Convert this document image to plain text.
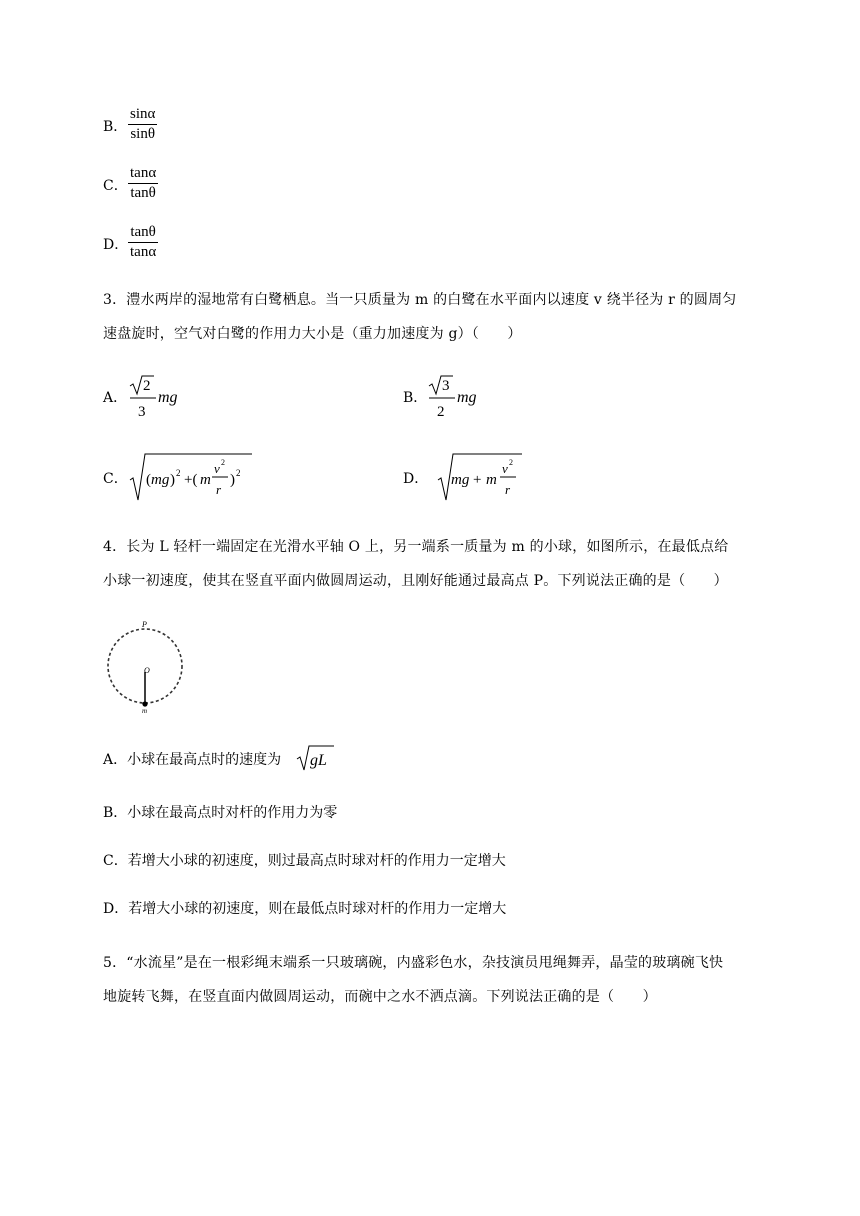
B．
sinα
sinθ
C．
tanα
tanθ
D．
tanθ
tanα
3．澧水两岸的湿地常有白鹭栖息。当一只质量为 m 的白鹭在水平面内以速度 v 绕半径为 r 的圆周匀
速盘旋时，空气对白鹭的作用力大小是（重力加速度为 g）（　　）
A．
2
3
mg	B．
3
2
mg
C． ( mg ) 2 +( m
v 2
r
) 2	D． mg + m
v 2
r
4．长为 L 轻杆一端固定在光滑水平轴 O 上，另一端系一质量为 m 的小球，如图所示，在最低点给
小球一初速度，使其在竖直平面内做圆周运动，且刚好能通过最高点 P。下列说法正确的是（　　）
P
O
m
A．小球在最高点时的速度为 gL
B．小球在最高点时对杆的作用力为零
C．若增大小球的初速度，则过最高点时球对杆的作用力一定增大
D．若增大小球的初速度，则在最低点时球对杆的作用力一定增大
5．“水流星”是在一根彩绳末端系一只玻璃碗，内盛彩色水，杂技演员甩绳舞弄，晶莹的玻璃碗飞快
地旋转飞舞，在竖直面内做圆周运动，而碗中之水不洒点滴。下列说法正确的是（　　）
